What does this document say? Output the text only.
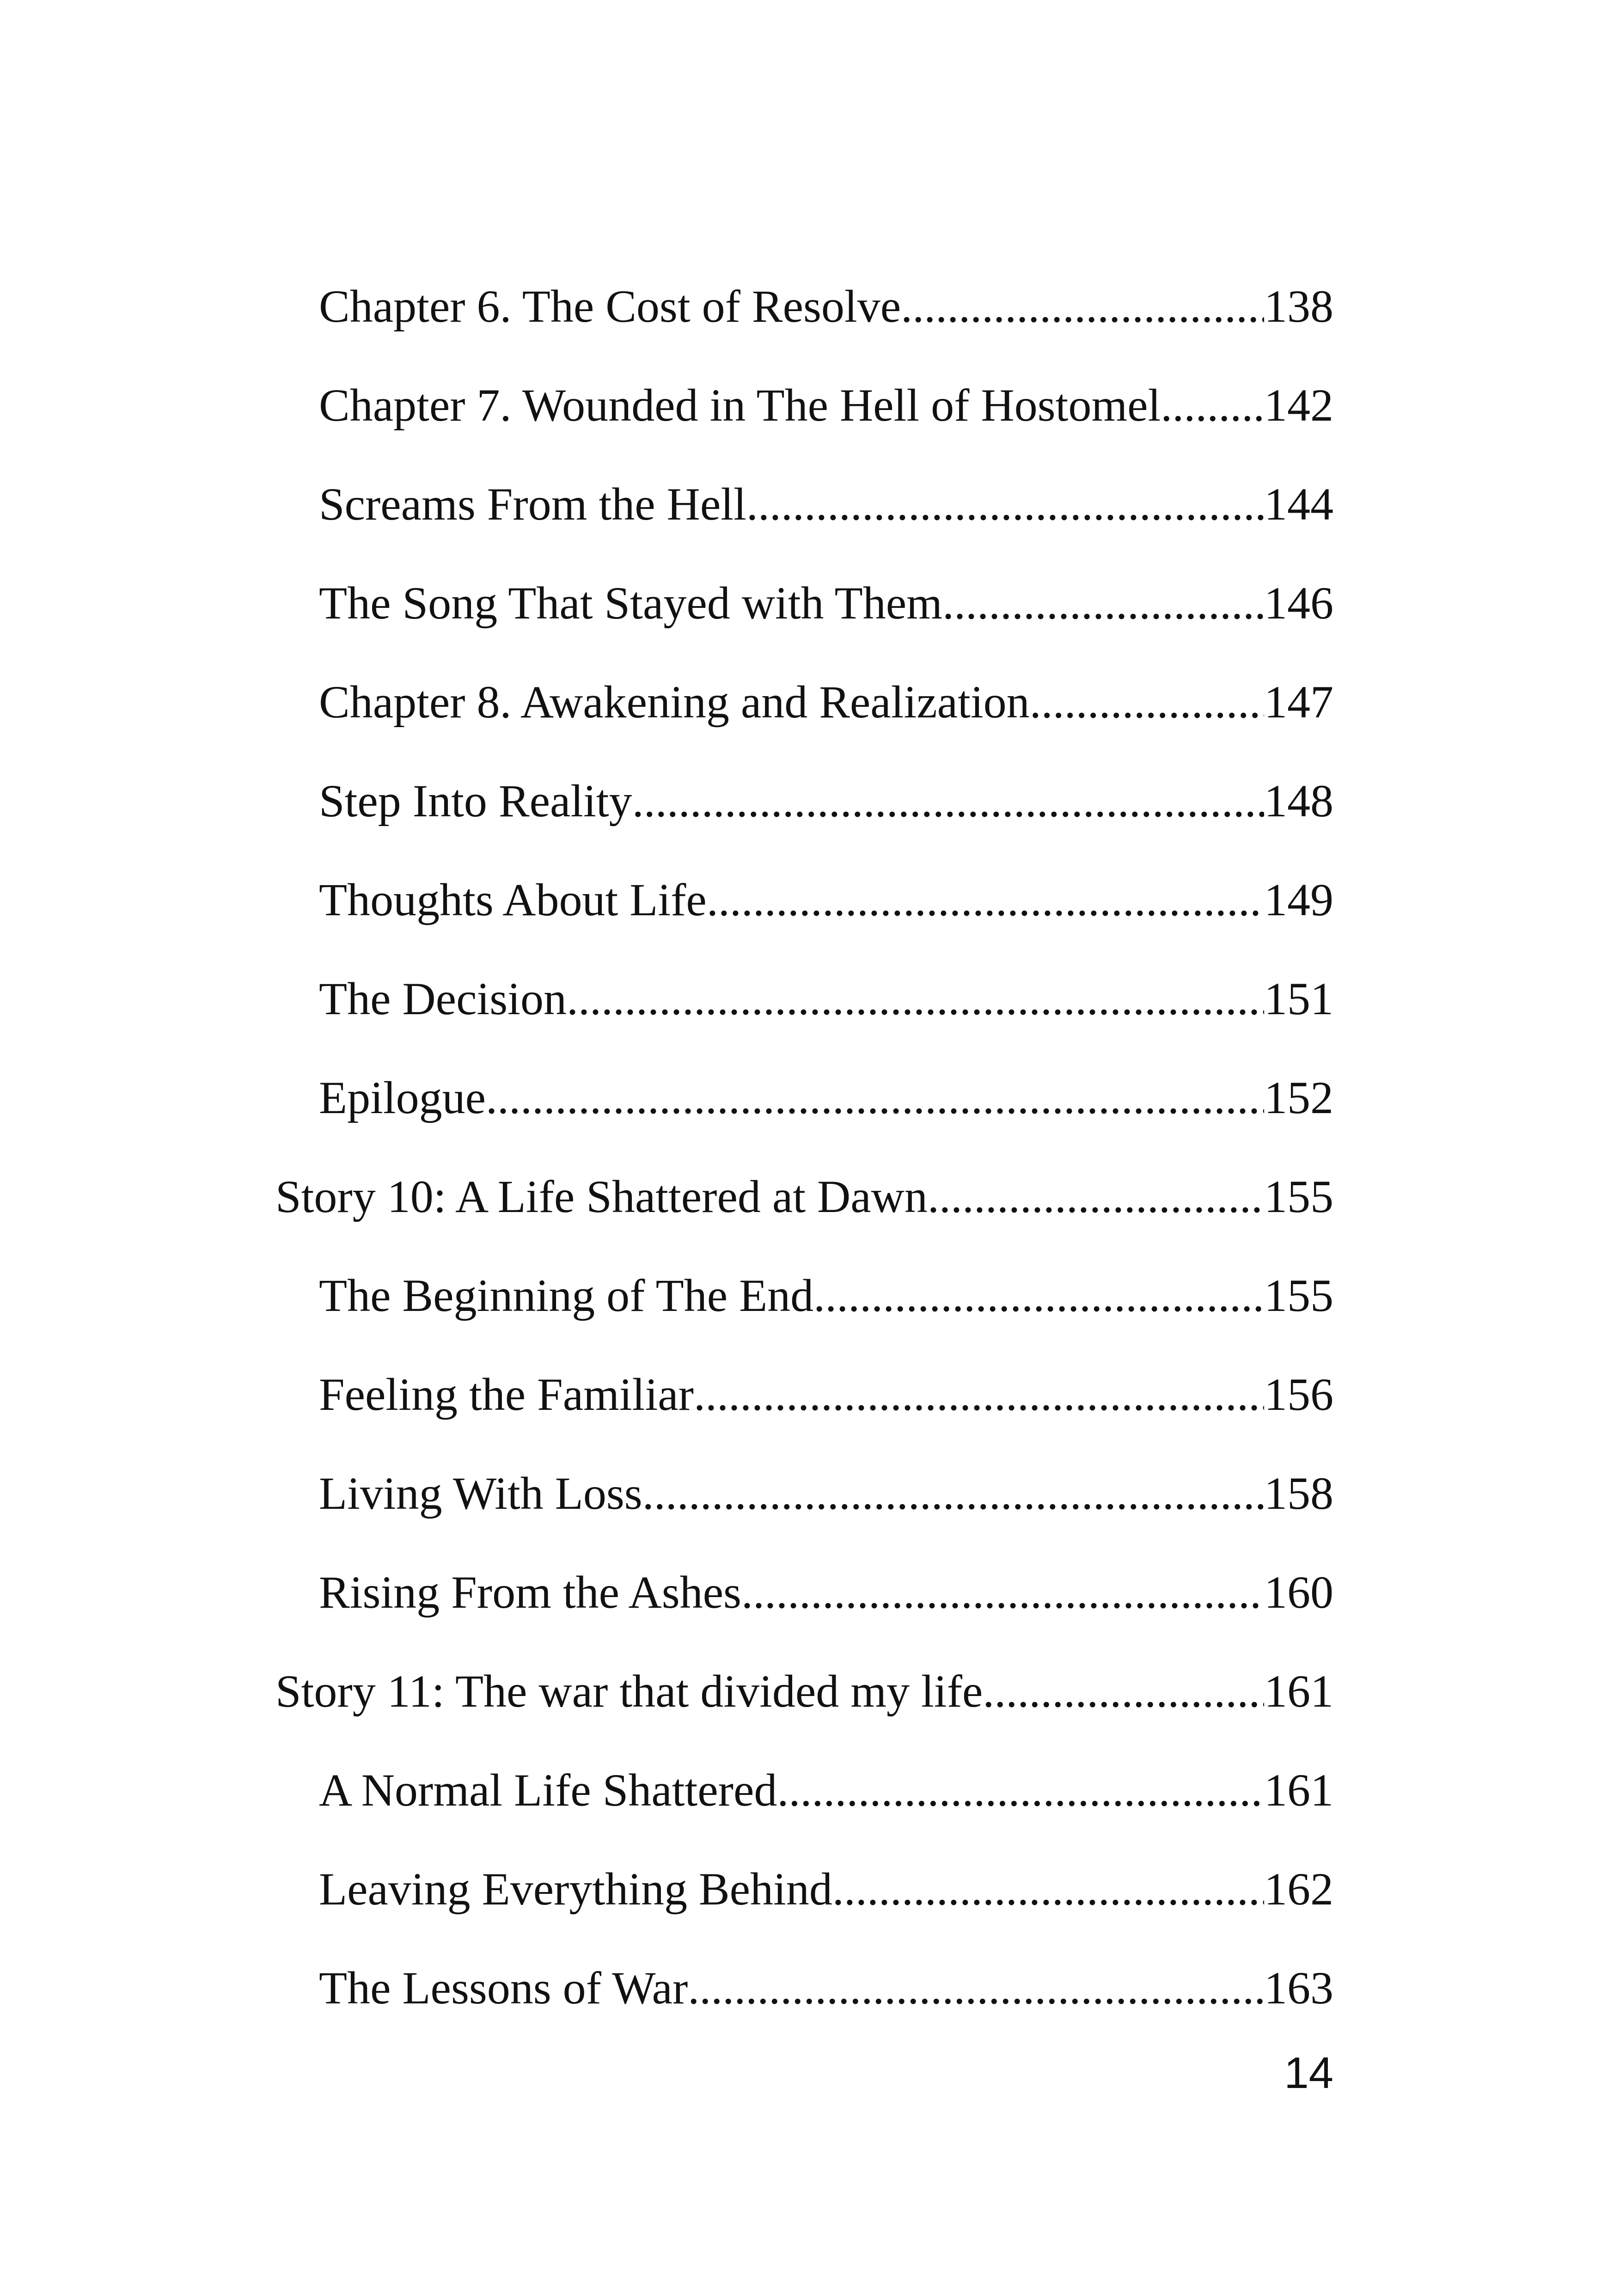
Chapter 6. The Cost of Resolve .....	138
Chapter 7. Wounded in The Hell of Hostomel ..... 142
Screams From the Hell .....	144
The Song That Stayed with Them .....	146
Chapter 8. Awakening and Realization .....	147
Step Into Reality .....	148
Thoughts About Life .....	149
The Decision .....	151
Epilogue .....	152
Story 10: A Life Shattered at Dawn .....	155
The Beginning of The End .....	155
Feeling the Familiar .....	156
Living With Loss .....	158
Rising From the Ashes .....	160
Story 11: The war that divided my life .....	161
A Normal Life Shattered .....	161
Leaving Everything Behind .....	162
The Lessons of War .....	163
14
